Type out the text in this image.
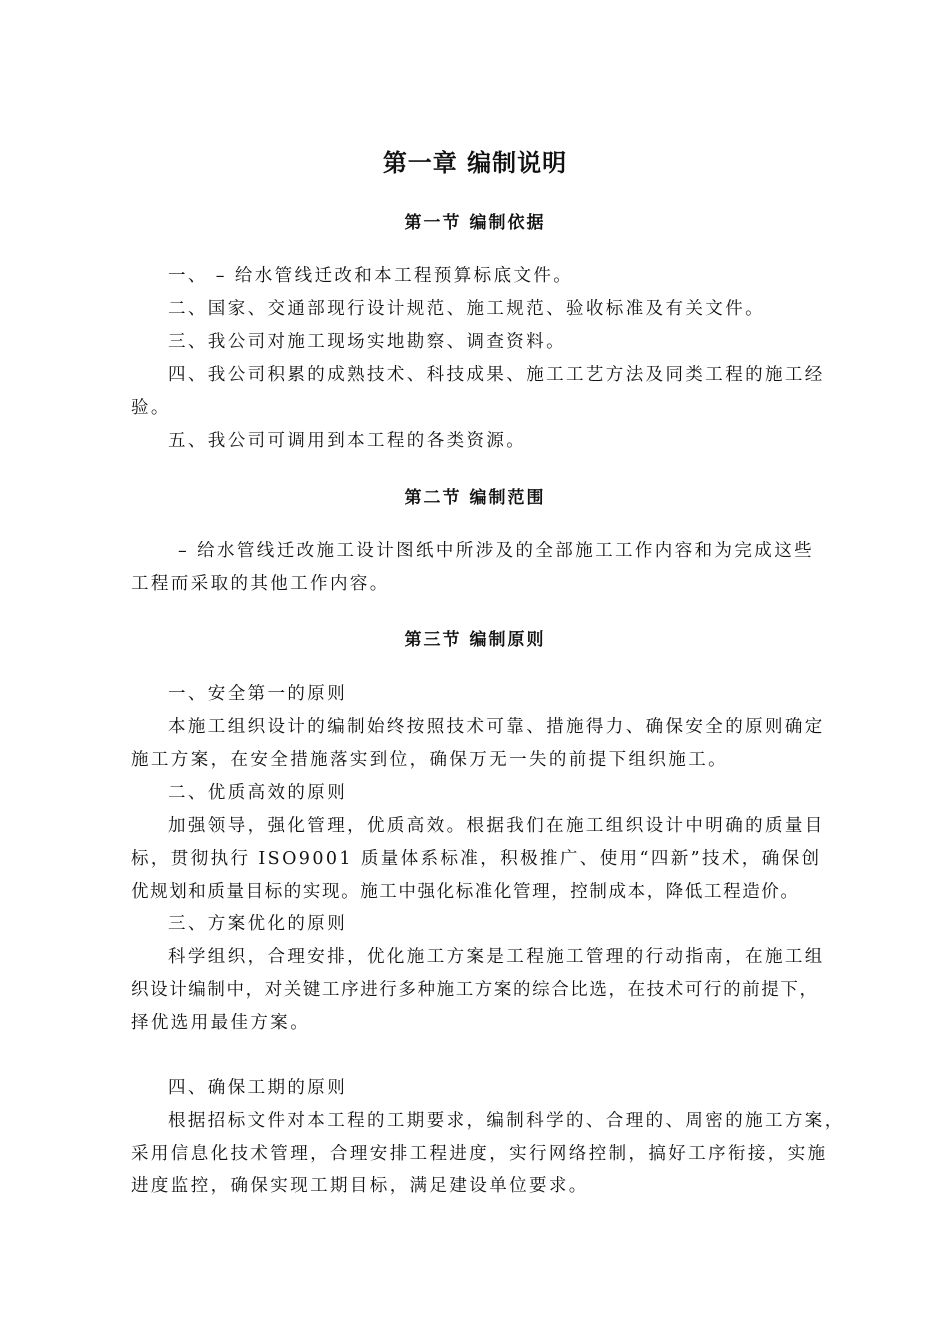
第一章 编制说明
第一节 编制依据
一、 – 给水管线迁改和本工程预算标底文件。
二、国家、交通部现行设计规范、施工规范、验收标准及有关文件。
三、我公司对施工现场实地勘察、调查资料。
四、我公司积累的成熟技术、科技成果、施工工艺方法及同类工程的施工经
验。
五、我公司可调用到本工程的各类资源。
第二节 编制范围
– 给水管线迁改施工设计图纸中所涉及的全部施工工作内容和为完成这些
工程而采取的其他工作内容。
第三节 编制原则
一、安全第一的原则
本施工组织设计的编制始终按照技术可靠、措施得力、确保安全的原则确定
施工方案，在安全措施落实到位，确保万无一失的前提下组织施工。
二、优质高效的原则
加强领导，强化管理，优质高效。根据我们在施工组织设计中明确的质量目
标，贯彻执行 ISO9001 质量体系标准，积极推广、使用“四新”技术，确保创
优规划和质量目标的实现。施工中强化标准化管理，控制成本，降低工程造价。
三、方案优化的原则
科学组织，合理安排，优化施工方案是工程施工管理的行动指南，在施工组
织设计编制中，对关键工序进行多种施工方案的综合比选，在技术可行的前提下，
择优选用最佳方案。
四、确保工期的原则
根据招标文件对本工程的工期要求，编制科学的、合理的、周密的施工方案，
采用信息化技术管理，合理安排工程进度，实行网络控制，搞好工序衔接，实施
进度监控，确保实现工期目标，满足建设单位要求。
